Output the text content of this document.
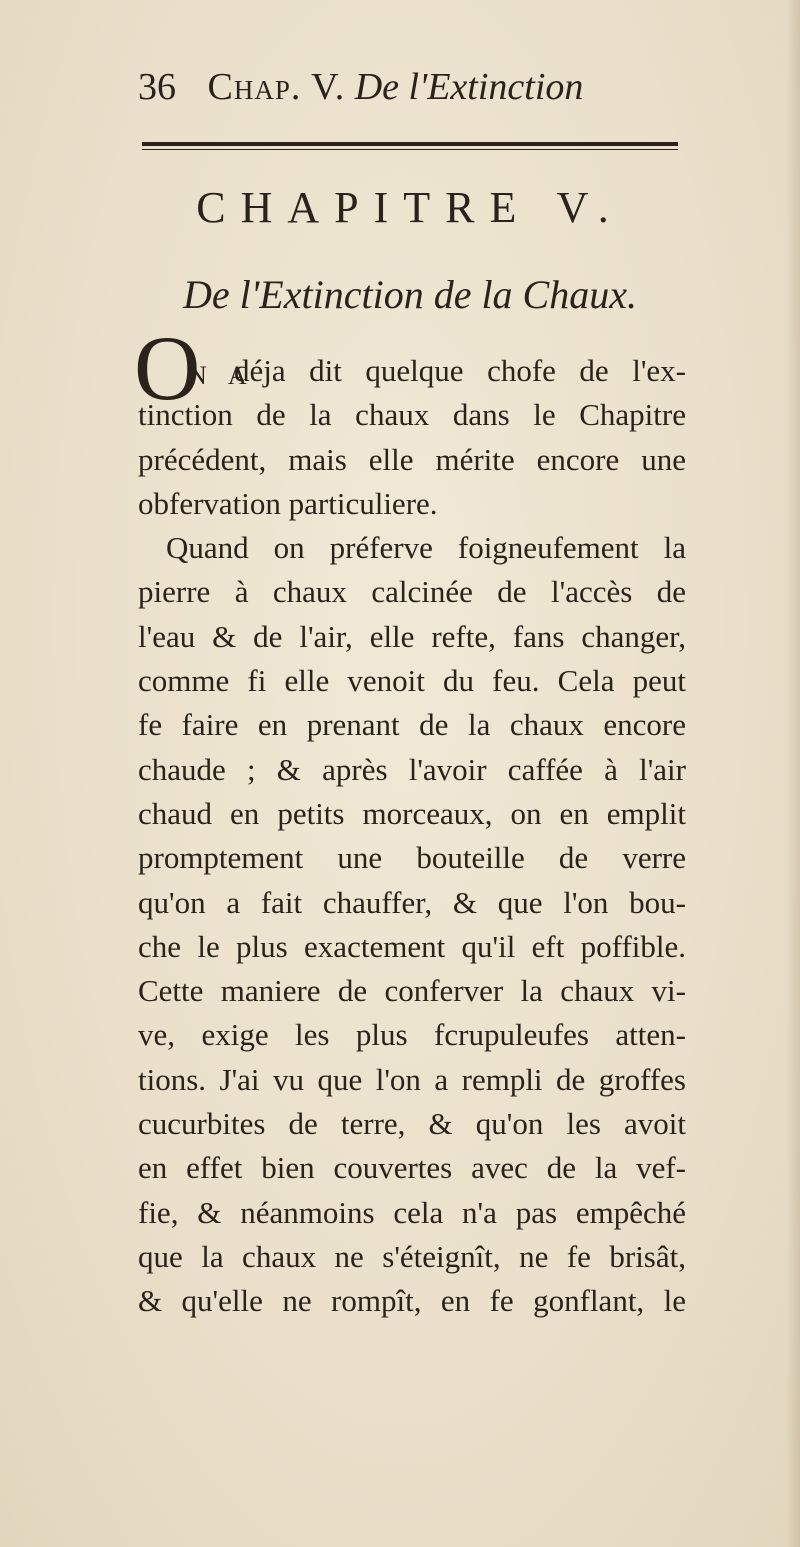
36 Chap. V. De l'Extinction
CHAPITRE V.
De l'Extinction de la Chaux.
O
N A
déja dit quelque chofe de l'ex-
tinction de la chaux dans le Chapitre
précédent, mais elle mérite encore une
obfervation particuliere.
Quand on préferve foigneufement la
pierre à chaux calcinée de l'accès de
l'eau & de l'air, elle refte, fans changer,
comme fi elle venoit du feu. Cela peut
fe faire en prenant de la chaux encore
chaude ; & après l'avoir caffée à l'air
chaud en petits morceaux, on en emplit
promptement une bouteille de verre
qu'on a fait chauffer, & que l'on bou-
che le plus exactement qu'il eft poffible.
Cette maniere de conferver la chaux vi-
ve, exige les plus fcrupuleufes atten-
tions. J'ai vu que l'on a rempli de groffes
cucurbites de terre, & qu'on les avoit
en effet bien couvertes avec de la vef-
fie, & néanmoins cela n'a pas empêché
que la chaux ne s'éteignît, ne fe brisât,
& qu'elle ne rompît, en fe gonflant, le
